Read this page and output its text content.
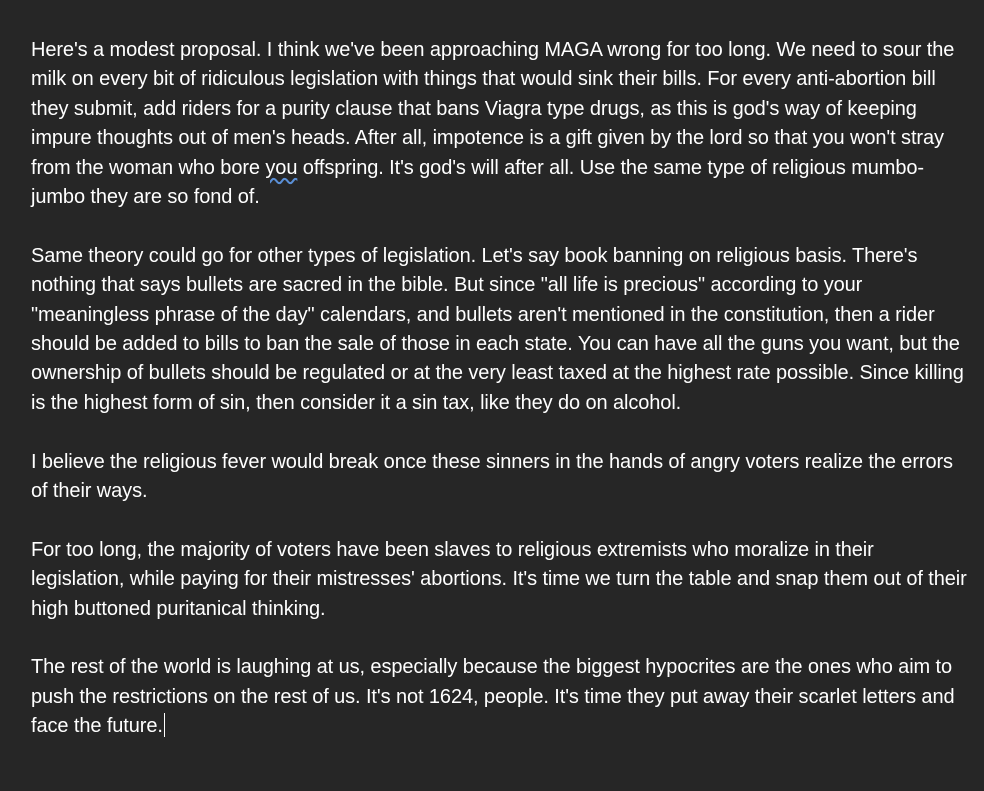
Here's a modest proposal. I think we've been approaching MAGA wrong for too long. We need to sour the milk on every bit of ridiculous legislation with things that would sink their bills. For every anti-abortion bill they submit, add riders for a purity clause that bans Viagra type drugs, as this is god's way of keeping impure thoughts out of men's heads. After all, impotence is a gift given by the lord so that you won't stray from the woman who bore you offspring. It's god's will after all. Use the same type of religious mumbo-jumbo they are so fond of.

Same theory could go for other types of legislation. Let's say book banning on religious basis. There's nothing that says bullets are sacred in the bible. But since "all life is precious" according to your "meaningless phrase of the day" calendars, and bullets aren't mentioned in the constitution, then a rider should be added to bills to ban the sale of those in each state. You can have all the guns you want, but the ownership of bullets should be regulated or at the very least taxed at the highest rate possible. Since killing is the highest form of sin, then consider it a sin tax, like they do on alcohol.

I believe the religious fever would break once these sinners in the hands of angry voters realize the errors of their ways.

For too long, the majority of voters have been slaves to religious extremists who moralize in their legislation, while paying for their mistresses' abortions. It's time we turn the table and snap them out of their high buttoned puritanical thinking.

The rest of the world is laughing at us, especially because the biggest hypocrites are the ones who aim to push the restrictions on the rest of us. It's not 1624, people. It's time they put away their scarlet letters and face the future.
